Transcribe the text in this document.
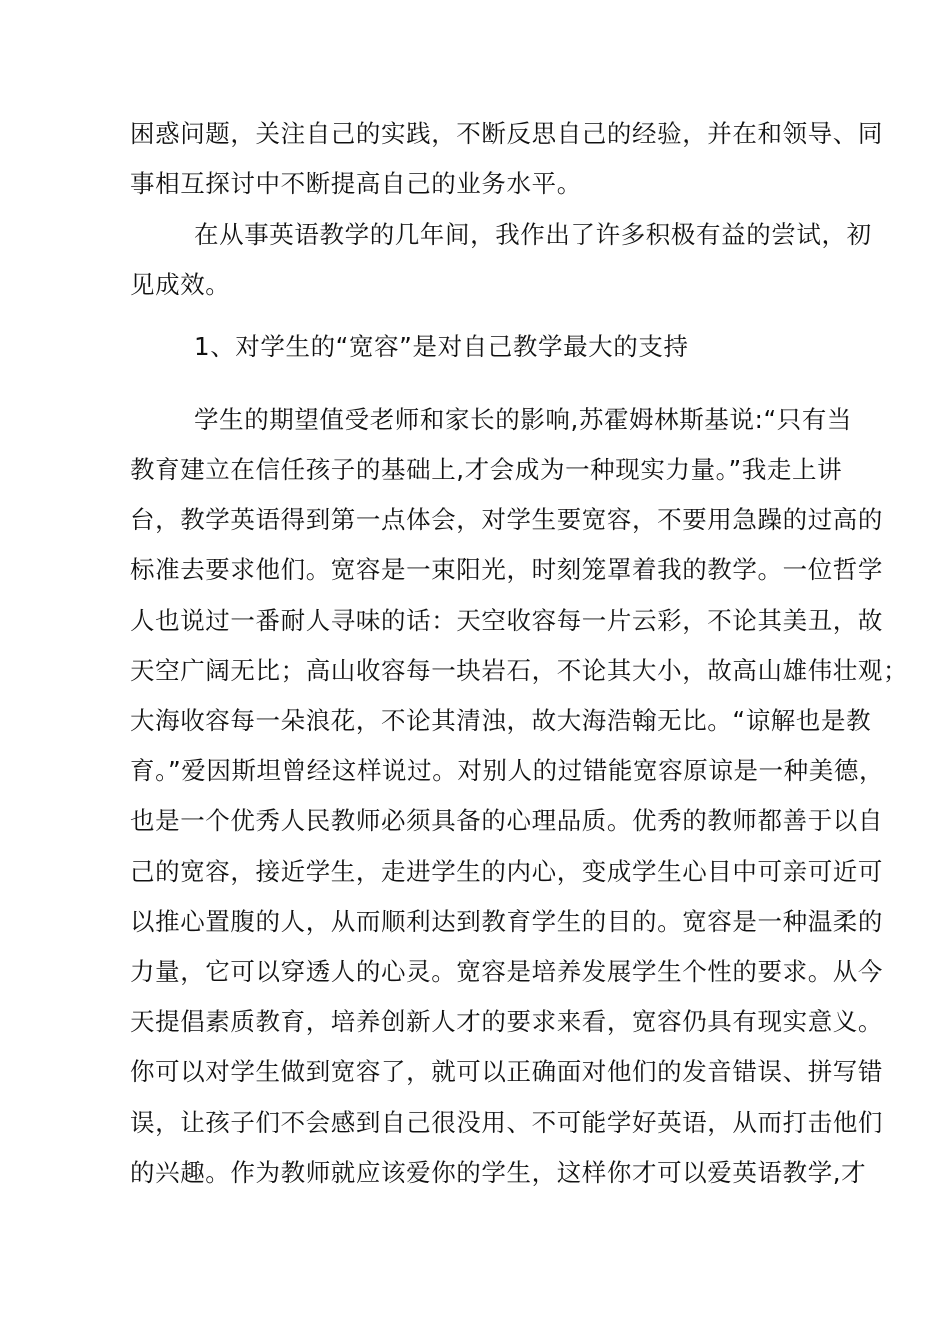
困惑问题，关注自己的实践，不断反思自己的经验，并在和领导、同
事相互探讨中不断提高自己的业务水平。
在从事英语教学的几年间，我作出了许多积极有益的尝试，初
见成效。
1、对学生的“宽容”是对自己教学最大的支持
学生的期望值受老师和家长的影响,苏霍姆林斯基说:“只有当
教育建立在信任孩子的基础上,才会成为一种现实力量。”我走上讲
台，教学英语得到第一点体会，对学生要宽容，不要用急躁的过高的
标准去要求他们。宽容是一束阳光，时刻笼罩着我的教学。一位哲学
人也说过一番耐人寻味的话：天空收容每一片云彩，不论其美丑，故
天空广阔无比；高山收容每一块岩石，不论其大小，故高山雄伟壮观；
大海收容每一朵浪花，不论其清浊，故大海浩翰无比。“谅解也是教
育。”爱因斯坦曾经这样说过。对别人的过错能宽容原谅是一种美德，
也是一个优秀人民教师必须具备的心理品质。优秀的教师都善于以自
己的宽容，接近学生，走进学生的内心，变成学生心目中可亲可近可
以推心置腹的人，从而顺利达到教育学生的目的。宽容是一种温柔的
力量，它可以穿透人的心灵。宽容是培养发展学生个性的要求。从今
天提倡素质教育，培养创新人才的要求来看，宽容仍具有现实意义。
你可以对学生做到宽容了，就可以正确面对他们的发音错误、拼写错
误，让孩子们不会感到自己很没用、不可能学好英语，从而打击他们
的兴趣。作为教师就应该爱你的学生，这样你才可以爱英语教学,才
